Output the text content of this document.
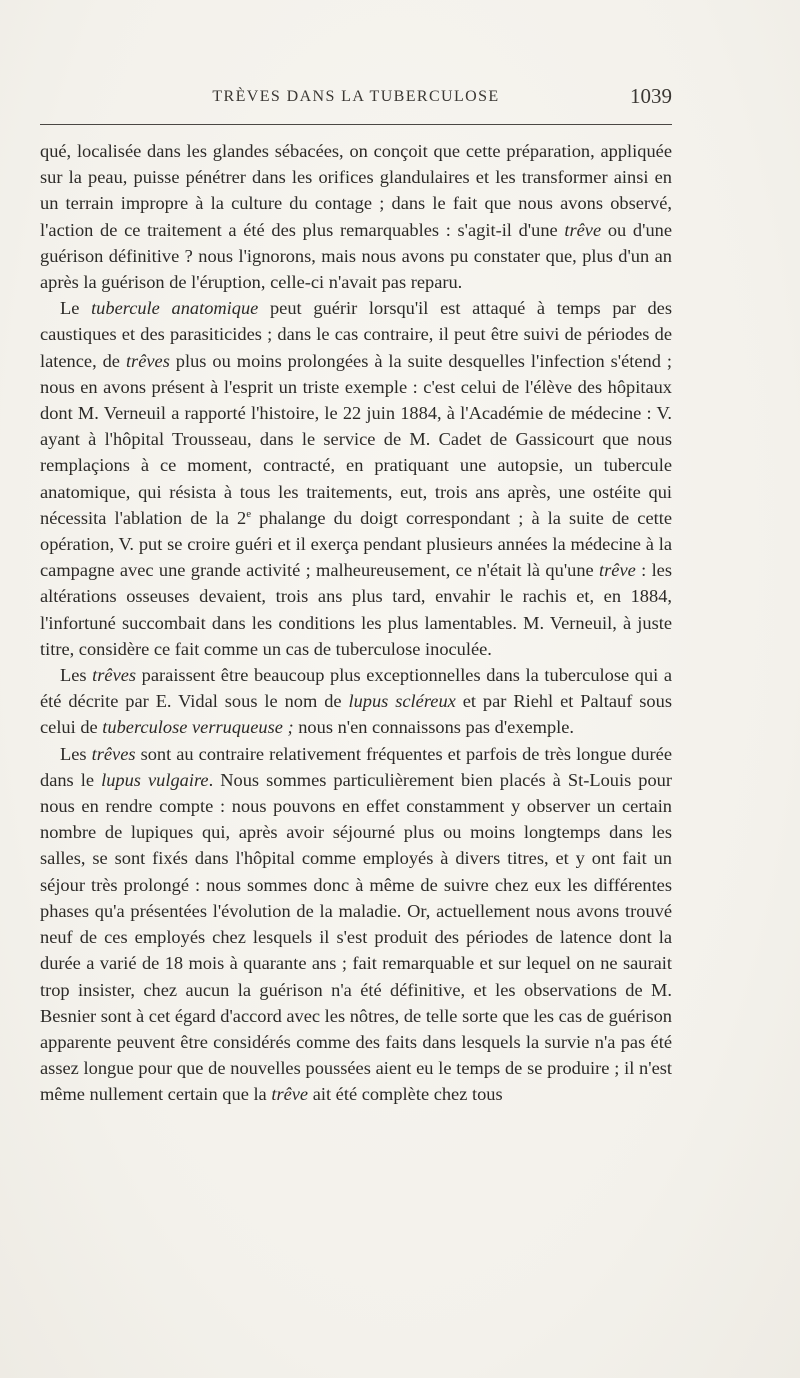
TRÈVES DANS LA TUBERCULOSE	1039

qué, localisée dans les glandes sébacées, on conçoit que cette préparation, appliquée sur la peau, puisse pénétrer dans les orifices glandulaires et les transformer ainsi en un terrain impropre à la culture du contage ; dans le fait que nous avons observé, l'action de ce traitement a été des plus remarquables : s'agit-il d'une trêve ou d'une guérison définitive ? nous l'ignorons, mais nous avons pu constater que, plus d'un an après la guérison de l'éruption, celle-ci n'avait pas reparu.

Le tubercule anatomique peut guérir lorsqu'il est attaqué à temps par des caustiques et des parasiticides ; dans le cas contraire, il peut être suivi de périodes de latence, de trêves plus ou moins prolongées à la suite desquelles l'infection s'étend ; nous en avons présent à l'esprit un triste exemple : c'est celui de l'élève des hôpitaux dont M. Verneuil a rapporté l'histoire, le 22 juin 1884, à l'Académie de médecine : V. ayant à l'hôpital Trousseau, dans le service de M. Cadet de Gassicourt que nous remplaçions à ce moment, contracté, en pratiquant une autopsie, un tubercule anatomique, qui résista à tous les traitements, eut, trois ans après, une ostéite qui nécessita l'ablation de la 2e phalange du doigt correspondant ; à la suite de cette opération, V. put se croire guéri et il exerça pendant plusieurs années la médecine à la campagne avec une grande activité ; malheureusement, ce n'était là qu'une trêve : les altérations osseuses devaient, trois ans plus tard, envahir le rachis et, en 1884, l'infortuné succombait dans les conditions les plus lamentables. M. Verneuil, à juste titre, considère ce fait comme un cas de tuberculose inoculée.

Les trêves paraissent être beaucoup plus exceptionnelles dans la tuberculose qui a été décrite par E. Vidal sous le nom de lupus scléreux et par Riehl et Paltauf sous celui de tuberculose verruqueuse ; nous n'en connaissons pas d'exemple.

Les trêves sont au contraire relativement fréquentes et parfois de très longue durée dans le lupus vulgaire. Nous sommes particulièrement bien placés à St-Louis pour nous en rendre compte : nous pouvons en effet constamment y observer un certain nombre de lupiques qui, après avoir séjourné plus ou moins longtemps dans les salles, se sont fixés dans l'hôpital comme employés à divers titres, et y ont fait un séjour très prolongé : nous sommes donc à même de suivre chez eux les différentes phases qu'a présentées l'évolution de la maladie. Or, actuellement nous avons trouvé neuf de ces employés chez lesquels il s'est produit des périodes de latence dont la durée a varié de 18 mois à quarante ans ; fait remarquable et sur lequel on ne saurait trop insister, chez aucun la guérison n'a été définitive, et les observations de M. Besnier sont à cet égard d'accord avec les nôtres, de telle sorte que les cas de guérison apparente peuvent être considérés comme des faits dans lesquels la survie n'a pas été assez longue pour que de nouvelles poussées aient eu le temps de se produire ; il n'est même nullement certain que la trêve ait été complète chez tous
